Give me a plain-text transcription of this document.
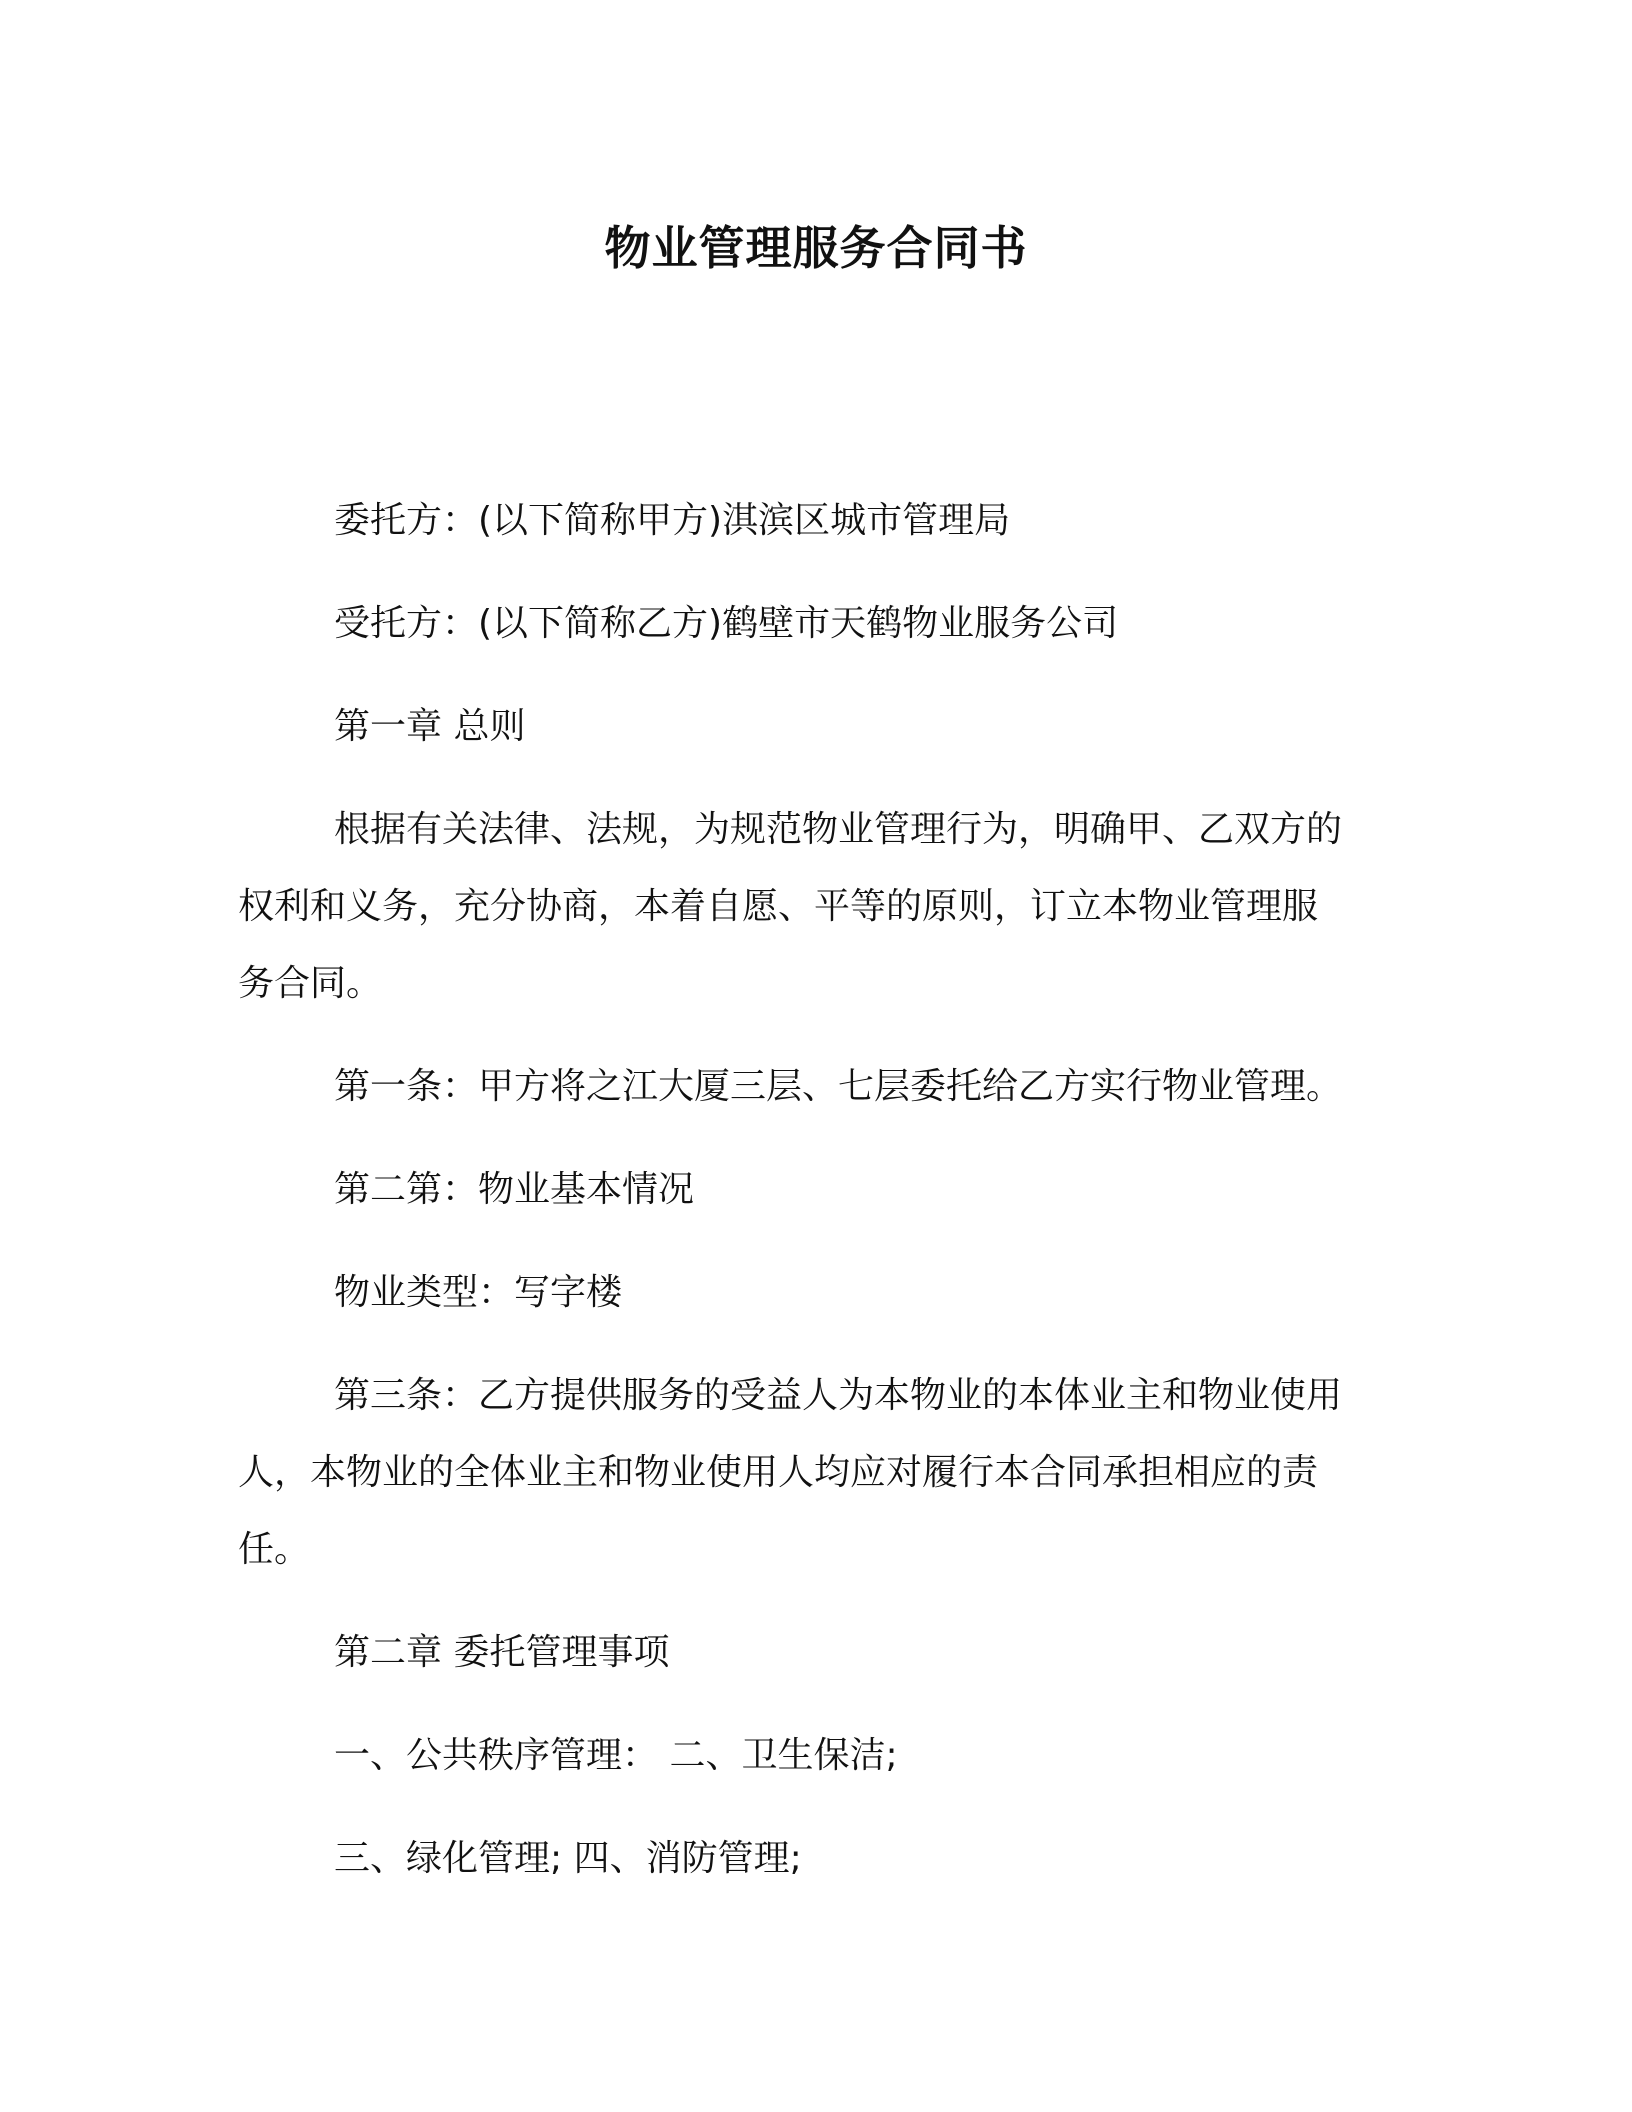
物业管理服务合同书

委托方：(以下简称甲方)淇滨区城市管理局

受托方：(以下简称乙方)鹤壁市天鹤物业服务公司

第一章 总则

根据有关法律、法规，为规范物业管理行为，明确甲、乙双方的

权利和义务，充分协商，本着自愿、平等的原则，订立本物业管理服

务合同。

第一条：甲方将之江大厦三层、七层委托给乙方实行物业管理。

第二第：物业基本情况

物业类型：写字楼

第三条：乙方提供服务的受益人为本物业的本体业主和物业使用

人，本物业的全体业主和物业使用人均应对履行本合同承担相应的责

任。

第二章 委托管理事项

一、公共秩序管理： 二、卫生保洁;

三、绿化管理; 四、消防管理;
